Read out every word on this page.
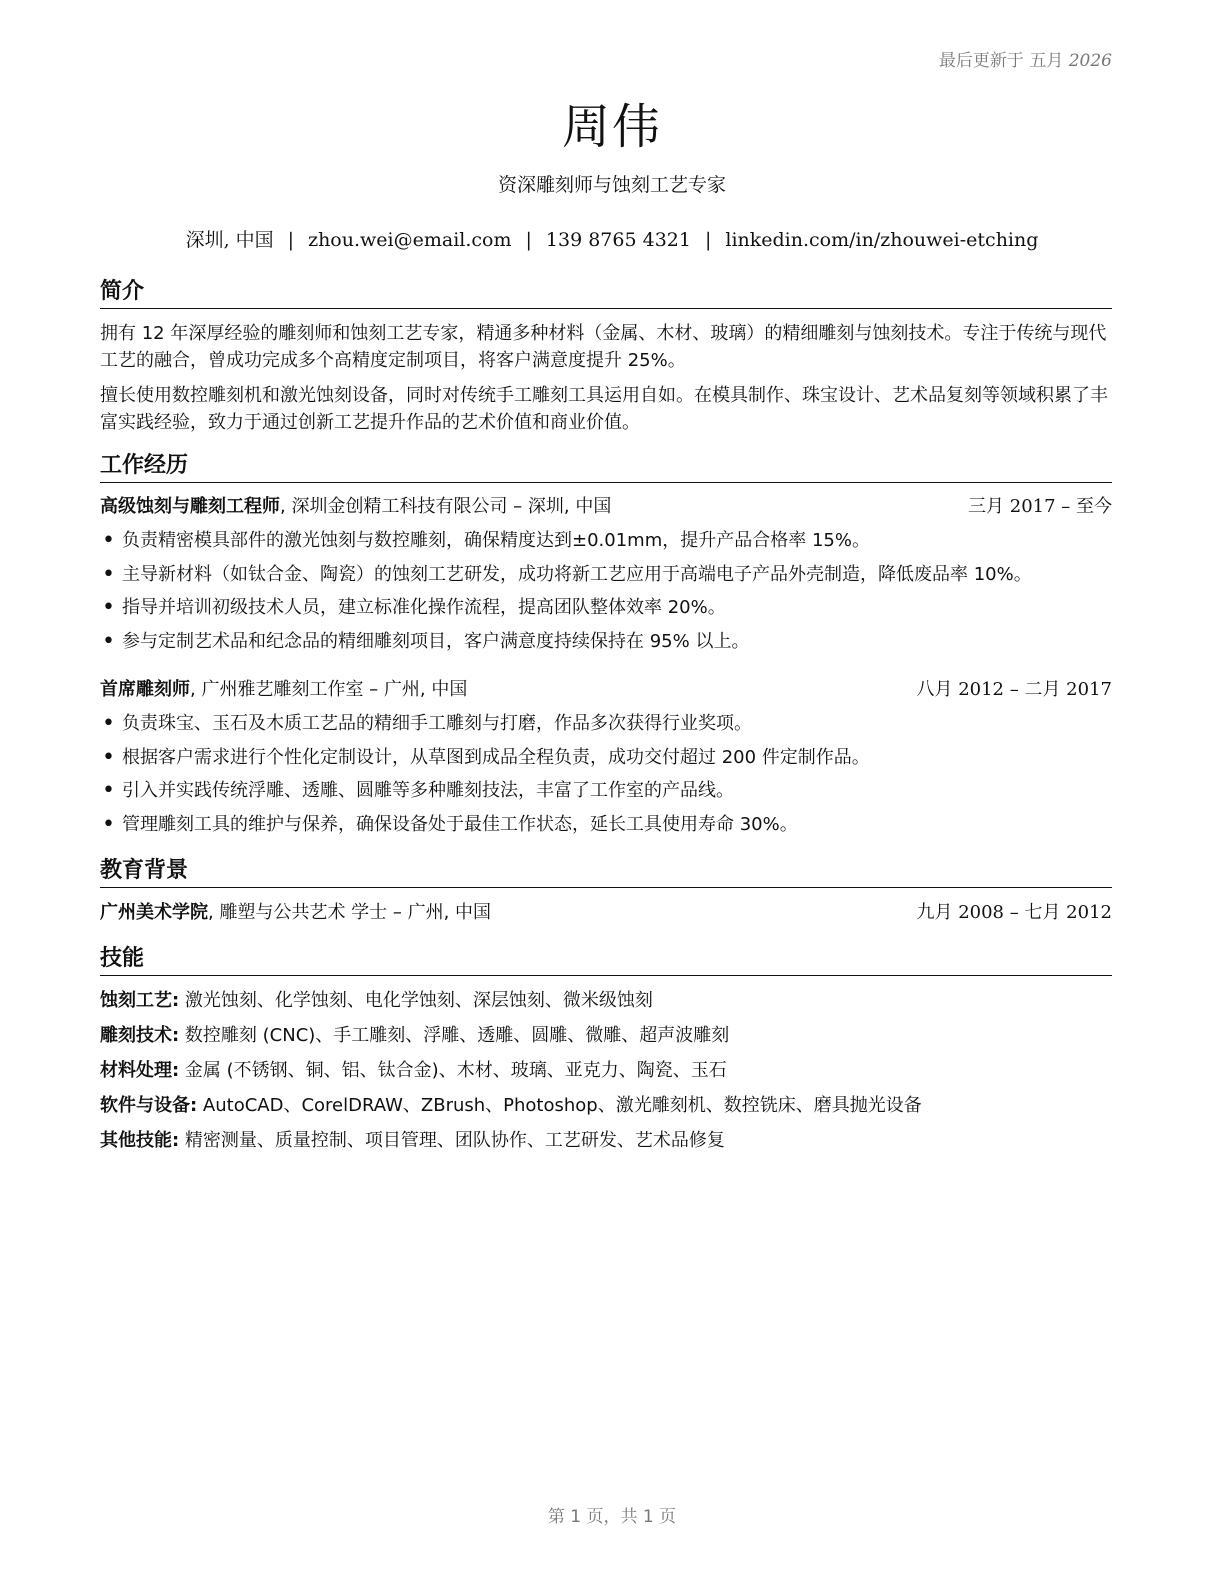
最后更新于 五月 2026
周伟
资深雕刻师与蚀刻工艺专家
深圳, 中国 | zhou.wei@email.com | 139 8765 4321 | linkedin.com/in/zhouwei-etching
简介
拥有 12 年深厚经验的雕刻师和蚀刻工艺专家，精通多种材料（金属、木材、玻璃）的精细雕刻与蚀刻技术。专注于传统与现代工艺的融合，曾成功完成多个高精度定制项目，将客户满意度提升 25%。
擅长使用数控雕刻机和激光蚀刻设备，同时对传统手工雕刻工具运用自如。在模具制作、珠宝设计、艺术品复刻等领域积累了丰富实践经验，致力于通过创新工艺提升作品的艺术价值和商业价值。
工作经历
高级蚀刻与雕刻工程师, 深圳金创精工科技有限公司 – 深圳, 中国	三月 2017 – 至今
• 负责精密模具部件的激光蚀刻与数控雕刻，确保精度达到±0.01mm，提升产品合格率 15%。
• 主导新材料（如钛合金、陶瓷）的蚀刻工艺研发，成功将新工艺应用于高端电子产品外壳制造，降低废品率 10%。
• 指导并培训初级技术人员，建立标准化操作流程，提高团队整体效率 20%。
• 参与定制艺术品和纪念品的精细雕刻项目，客户满意度持续保持在 95% 以上。
首席雕刻师, 广州雅艺雕刻工作室 – 广州, 中国	八月 2012 – 二月 2017
• 负责珠宝、玉石及木质工艺品的精细手工雕刻与打磨，作品多次获得行业奖项。
• 根据客户需求进行个性化定制设计，从草图到成品全程负责，成功交付超过 200 件定制作品。
• 引入并实践传统浮雕、透雕、圆雕等多种雕刻技法，丰富了工作室的产品线。
• 管理雕刻工具的维护与保养，确保设备处于最佳工作状态，延长工具使用寿命 30%。
教育背景
广州美术学院, 雕塑与公共艺术 学士 – 广州, 中国	九月 2008 – 七月 2012
技能
蚀刻工艺: 激光蚀刻、化学蚀刻、电化学蚀刻、深层蚀刻、微米级蚀刻
雕刻技术: 数控雕刻 (CNC)、手工雕刻、浮雕、透雕、圆雕、微雕、超声波雕刻
材料处理: 金属 (不锈钢、铜、铝、钛合金)、木材、玻璃、亚克力、陶瓷、玉石
软件与设备: AutoCAD、CorelDRAW、ZBrush、Photoshop、激光雕刻机、数控铣床、磨具抛光设备
其他技能: 精密测量、质量控制、项目管理、团队协作、工艺研发、艺术品修复
第 1 页，共 1 页
